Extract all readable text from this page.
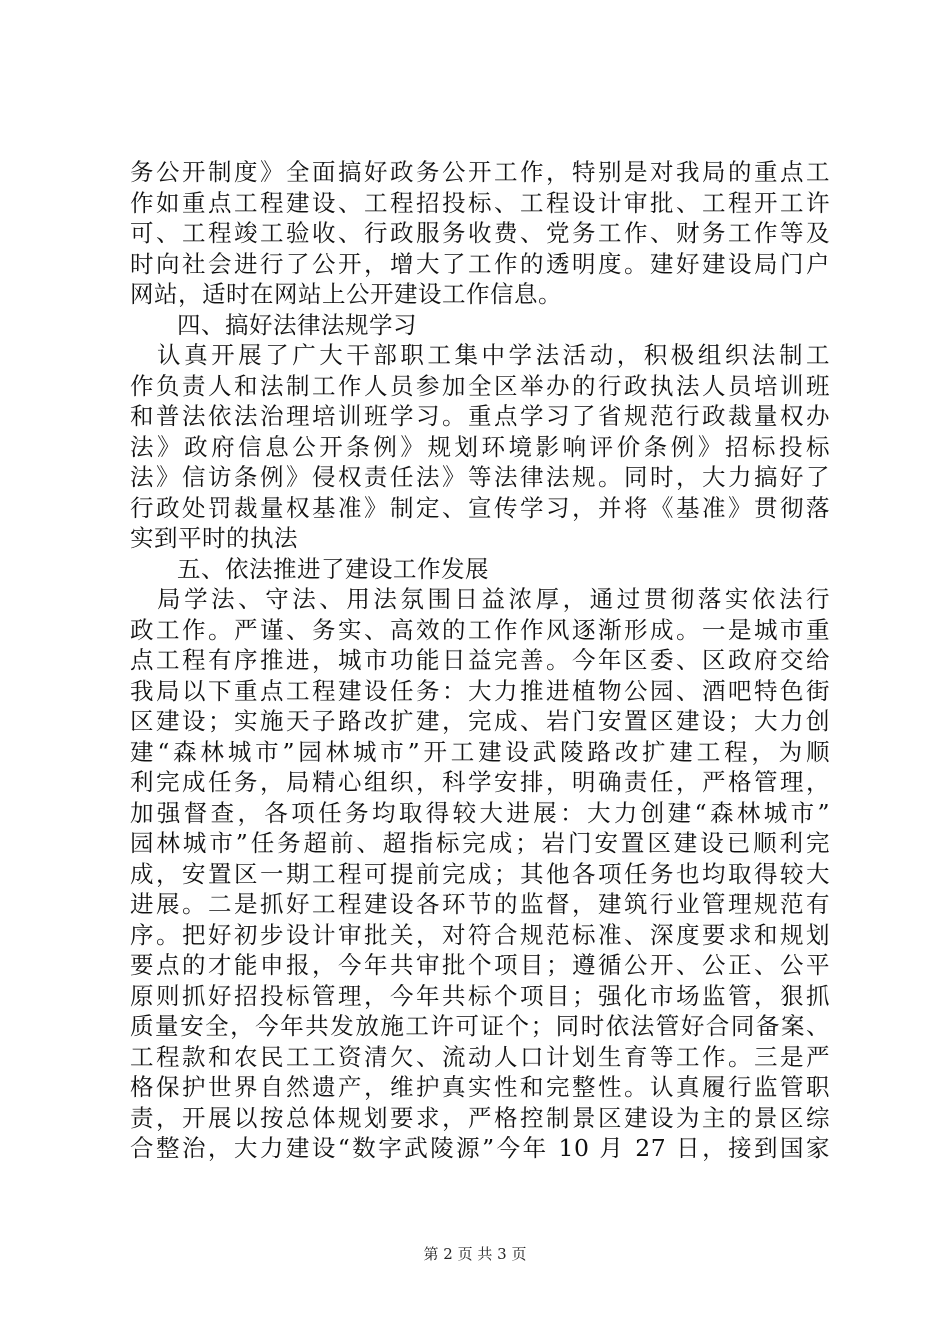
务公开制度》全面搞好政务公开工作，特别是对我局的重点工
作如重点工程建设、工程招投标、工程设计审批、工程开工许
可、工程竣工验收、行政服务收费、党务工作、财务工作等及
时向社会进行了公开，增大了工作的透明度。建好建设局门户
网站，适时在网站上公开建设工作信息。
四、搞好法律法规学习
　认真开展了广大干部职工集中学法活动，积极组织法制工
作负责人和法制工作人员参加全区举办的行政执法人员培训班
和普法依法治理培训班学习。重点学习了省规范行政裁量权办
法》政府信息公开条例》规划环境影响评价条例》招标投标
法》信访条例》侵权责任法》等法律法规。同时，大力搞好了
行政处罚裁量权基准》制定、宣传学习，并将《基准》贯彻落
实到平时的执法
五、依法推进了建设工作发展
　局学法、守法、用法氛围日益浓厚，通过贯彻落实依法行
政工作。严谨、务实、高效的工作作风逐渐形成。一是城市重
点工程有序推进，城市功能日益完善。今年区委、区政府交给
我局以下重点工程建设任务：大力推进植物公园、酒吧特色街
区建设；实施天子路改扩建，完成、岩门安置区建设；大力创
建“森林城市”园林城市”开工建设武陵路改扩建工程，为顺
利完成任务，局精心组织，科学安排，明确责任，严格管理，
加强督查，各项任务均取得较大进展：大力创建“森林城市”
园林城市”任务超前、超指标完成；岩门安置区建设已顺利完
成，安置区一期工程可提前完成；其他各项任务也均取得较大
进展。二是抓好工程建设各环节的监督，建筑行业管理规范有
序。把好初步设计审批关，对符合规范标准、深度要求和规划
要点的才能申报，今年共审批个项目；遵循公开、公正、公平
原则抓好招投标管理，今年共标个项目；强化市场监管，狠抓
质量安全，今年共发放施工许可证个；同时依法管好合同备案、
工程款和农民工工资清欠、流动人口计划生育等工作。三是严
格保护世界自然遗产，维护真实性和完整性。认真履行监管职
责，开展以按总体规划要求，严格控制景区建设为主的景区综
合整治，大力建设“数字武陵源”今年 10 月 27 日，接到国家
第 2 页 共 3 页
